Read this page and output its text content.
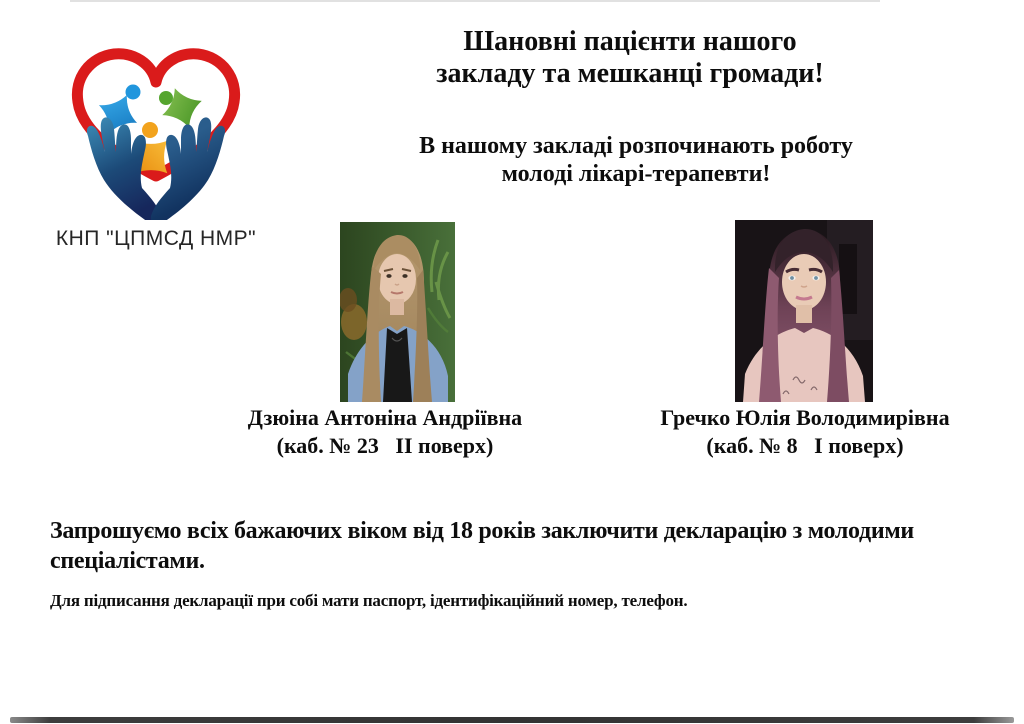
КНП "ЦПМСД НМР"
Шановні пацієнти нашого
закладу та мешканці громади!
В нашому закладі розпочинають роботу
молоді лікарі-терапевти!
Дзюіна Антоніна Андріївна
(каб. № 23   ІІ поверх)
Гречко Юлія Володимирівна
(каб. № 8   І поверх)
Запрошуємо всіх бажаючих віком від 18 років заключити декларацію з молодими спеціалістами.
Для підписання декларації при собі мати паспорт, ідентифікаційний номер, телефон.
